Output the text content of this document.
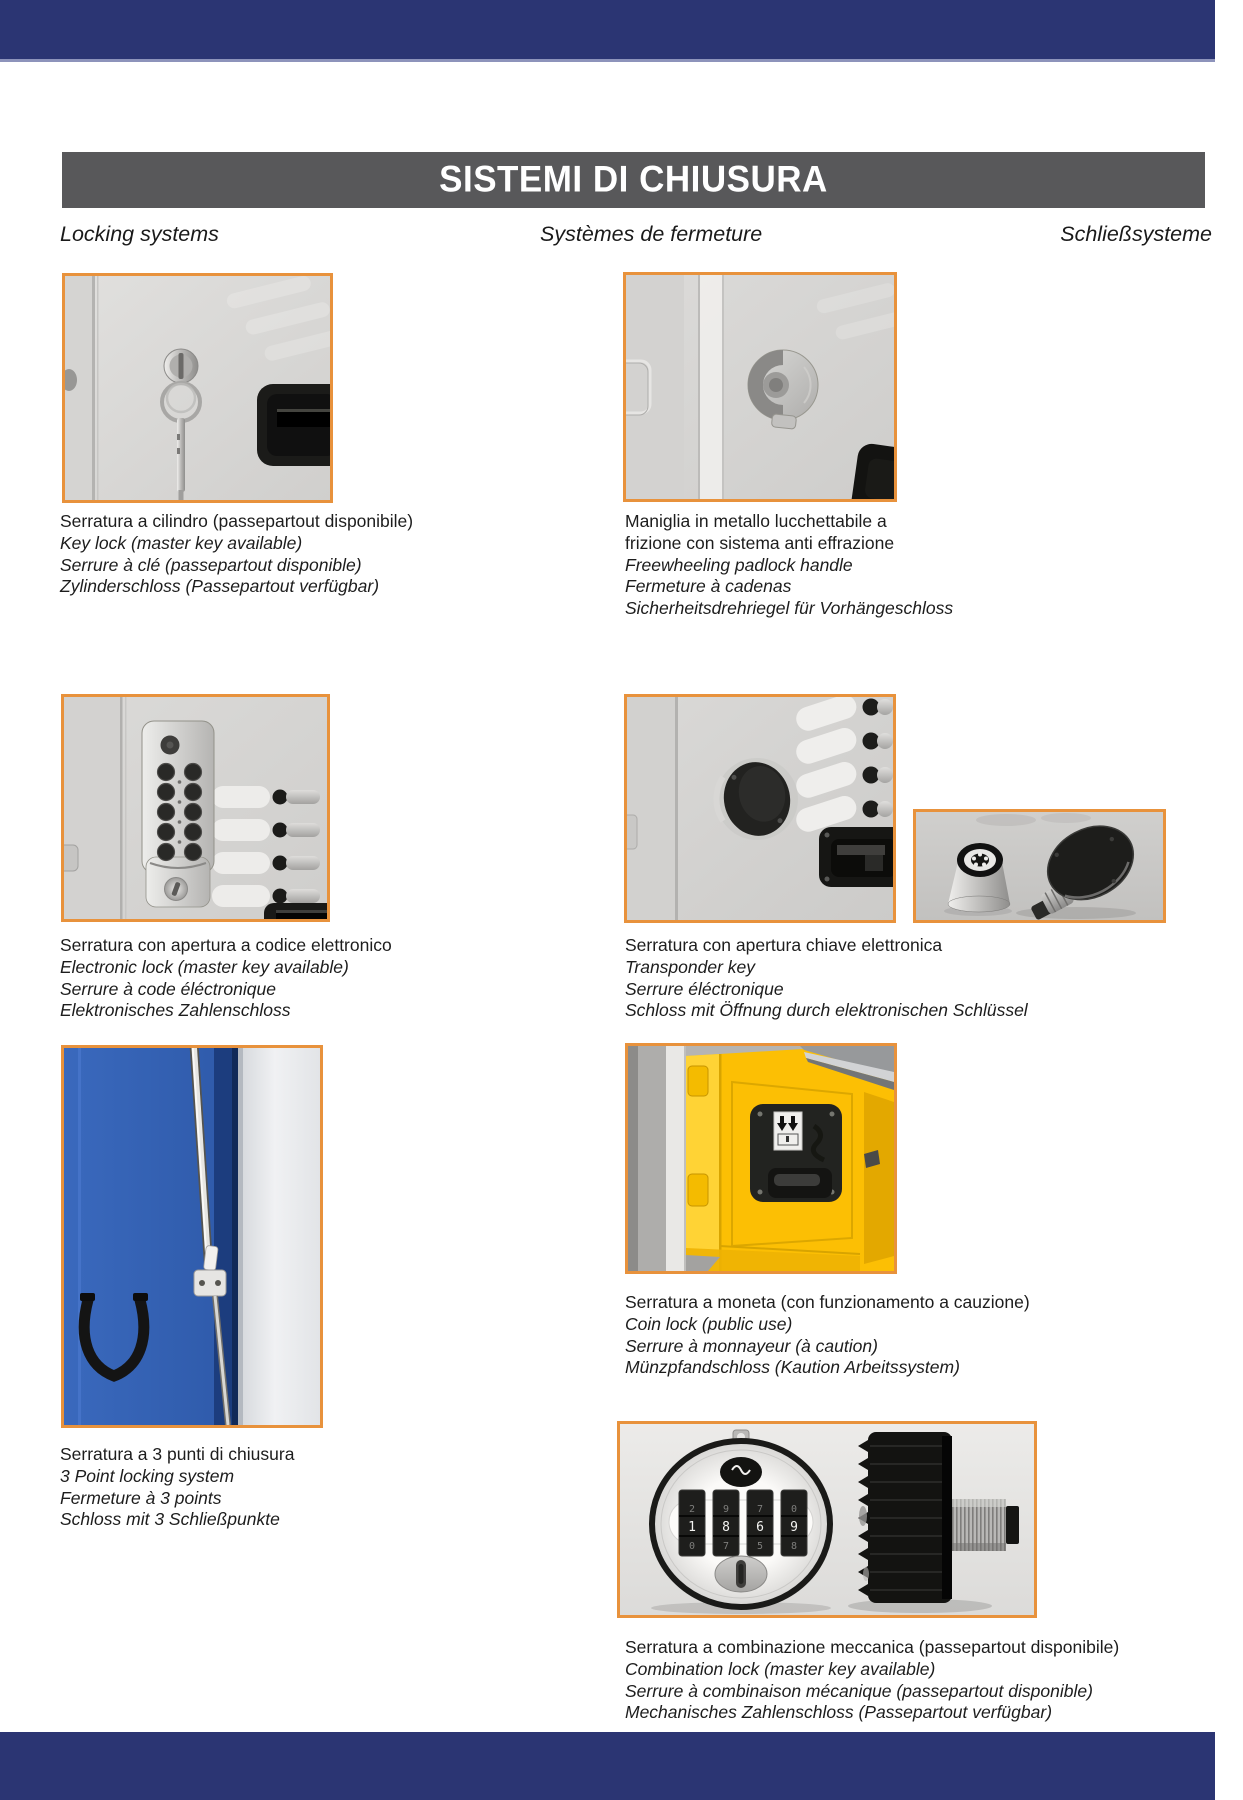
SISTEMI DI CHIUSURA
Locking systems	Systèmes de fermeture	Schließsysteme
2
1
0
9
8
7
7
6
5
0
9
8
Serratura a cilindro (passepartout disponibile)
Key lock (master key available)
Serrure à clé (passepartout disponible)
Zylinderschloss (Passepartout verfügbar)
Maniglia in metallo lucchettabile a
frizione con sistema anti effrazione
Freewheeling padlock handle
Fermeture à cadenas
Sicherheitsdrehriegel für Vorhängeschloss
Serratura con apertura a codice elettronico
Electronic lock (master key available)
Serrure à code éléctronique
Elektronisches Zahlenschloss
Serratura con apertura chiave elettronica
Transponder key
Serrure éléctronique
Schloss mit Öffnung durch elektronischen Schlüssel
Serratura a moneta (con funzionamento a cauzione)
Coin lock (public use)
Serrure à monnayeur (à caution)
Münzpfandschloss (Kaution Arbeitssystem)
Serratura a 3 punti di chiusura
3 Point locking system
Fermeture à 3 points
Schloss mit 3 Schließpunkte
Serratura a combinazione meccanica (passepartout disponibile)
Combination lock (master key available)
Serrure à combinaison mécanique (passepartout disponible)
Mechanisches Zahlenschloss (Passepartout verfügbar)
